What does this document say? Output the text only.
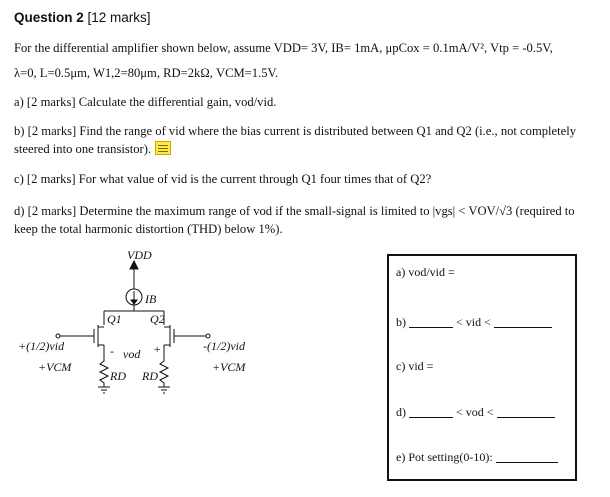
Question 2 [12 marks]
For the differential amplifier shown below, assume VDD= 3V, IB= 1mA, μpCox = 0.1mA/V², Vtp = -0.5V,
λ=0, L=0.5μm, W1,2=80μm, RD=2kΩ, VCM=1.5V.
a) [2 marks] Calculate the differential gain, vod/vid.
b) [2 marks] Find the range of vid where the bias current is distributed between Q1 and Q2 (i.e., not completely steered into one transistor).
c) [2 marks] For what value of vid is the current through Q1 four times that of Q2?
d) [2 marks] Determine the maximum range of vod if the small-signal is limited to |vgs| < VOV/√3 (required to keep the total harmonic distortion (THD) below 1%).
VDD
IB
Q1 Q2
-	+
vod
RD RD
+(1/2)vid
+VCM
-(1/2)vid
+VCM
a) vod/vid =
b)	< vid <
c) vid =
d)	< vod <
e) Pot setting(0-10):
